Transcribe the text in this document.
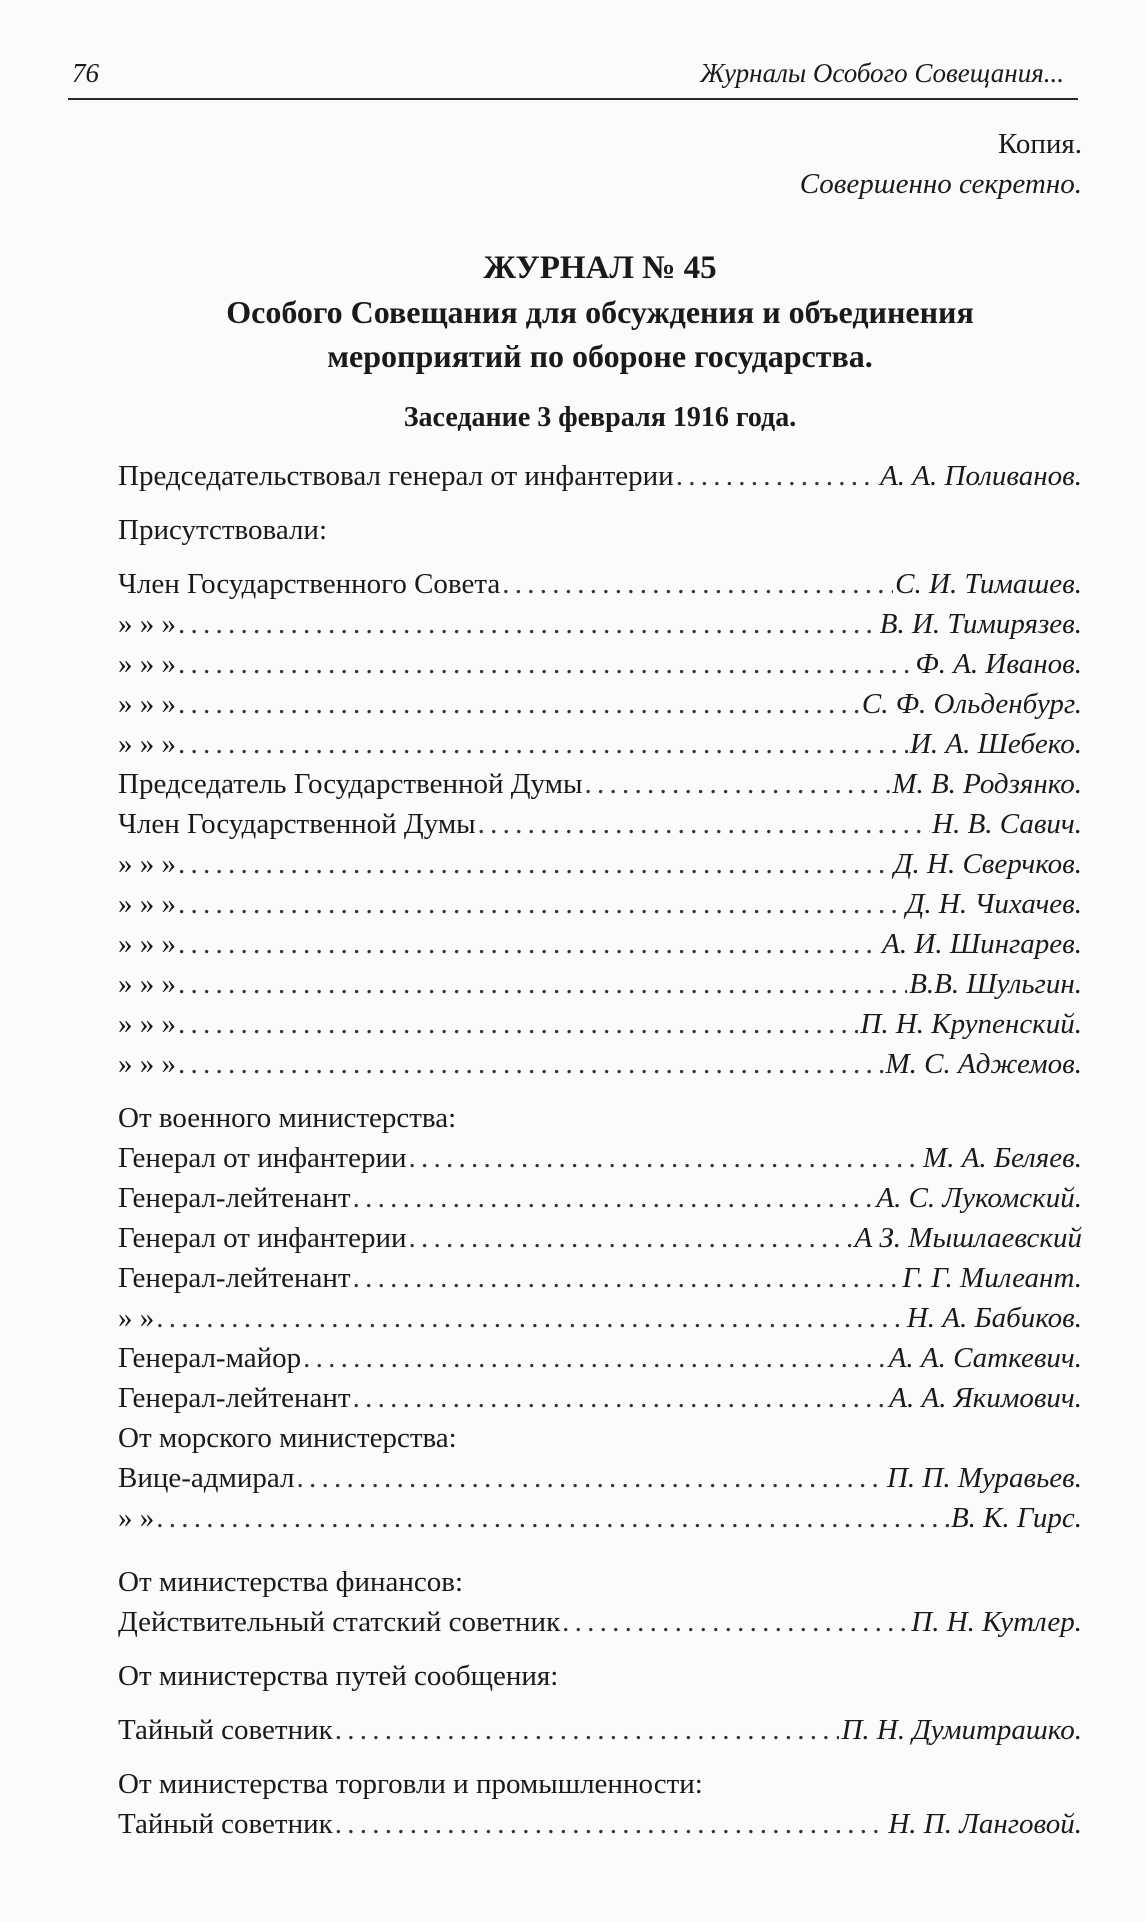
76	Журналы Особого Совещания...
Копия.
Совершенно секретно.
ЖУРНАЛ № 45
Особого Совещания для обсуждения и объединения
мероприятий по обороне государства.
Заседание 3 февраля 1916 года.
Председательствовал генерал от инфантерии . . .	А. А. Поливанов.
Присутствовали:
Член Государственного Совета . . .	С. И. Тимашев.
» » » . . .	В. И. Тимирязев.
» » » . . .	Ф. А. Иванов.
» » » . . .	С. Ф. Ольденбург.
» » » . . .	И. А. Шебеко.
Председатель Государственной Думы . . .	М. В. Родзянко.
Член Государственной Думы . . .	Н. В. Савич.
» » » . . .	Д. Н. Сверчков.
» » » . . .	Д. Н. Чихачев.
» » » . . .	А. И. Шингарев.
» » » . . .	В.В. Шульгин.
» » » . . .	П. Н. Крупенский.
» » » . . .	М. С. Аджемов.
От военного министерства:
Генерал от инфантерии . . .	М. А. Беляев.
Генерал-лейтенант . . .	А. С. Лукомский.
Генерал от инфантерии . . .	А З. Мышлаевский
Генерал-лейтенант . . .	Г. Г. Милеант.
» » . . .	Н. А. Бабиков.
Генерал-майор . . .	А. А. Саткевич.
Генерал-лейтенант . . .	А. А. Якимович.
От морского министерства:
Вице-адмирал . . .	П. П. Муравьев.
» » . . .	В. К. Гирс.
От министерства финансов:
Действительный статский советник . . .	П. Н. Кутлер.
От министерства путей сообщения:
Тайный советник . . .	П. Н. Думитрашко.
От министерства торговли и промышленности:
Тайный советник . . .	Н. П. Ланговой.
